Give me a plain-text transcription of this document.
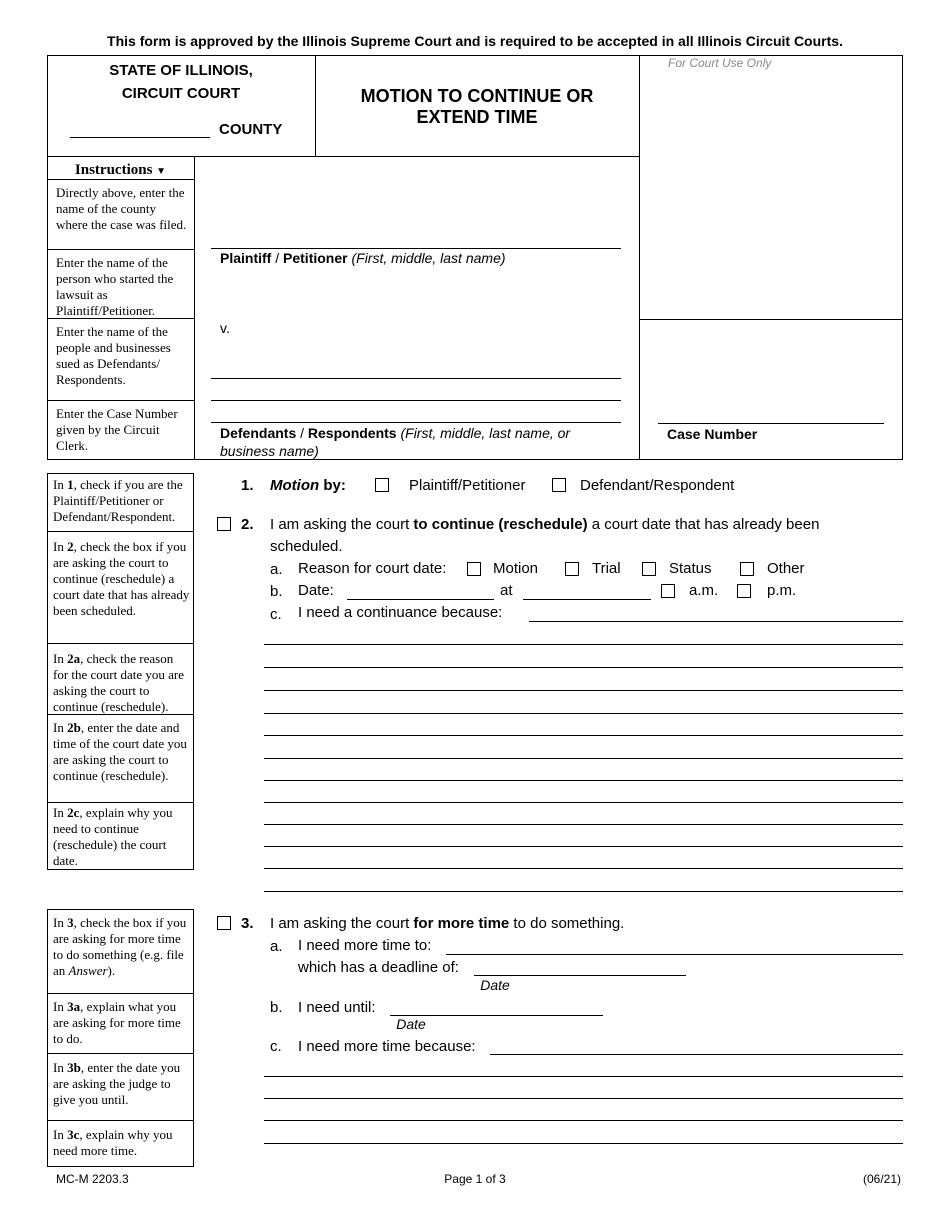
This form is approved by the Illinois Supreme Court and is required to be accepted in all Illinois Circuit Courts.
STATE OF ILLINOIS,
CIRCUIT COURT
COUNTY
MOTION TO CONTINUE OR
EXTEND TIME
For Court Use Only
Instructions ▼
Directly above, enter the name of the county where the case was filed.
Enter the name of the person who started the lawsuit as Plaintiff/Petitioner.
Enter the name of the people and businesses sued as Defendants/ Respondents.
Enter the Case Number given by the Circuit Clerk.
Plaintiff / Petitioner (First, middle, last name)
v.
Defendants / Respondents (First, middle, last name, or
business name)
Case Number
In 1, check if you are the Plaintiff/Petitioner or Defendant/Respondent.
In 2, check the box if you are asking the court to continue (reschedule) a court date that has already been scheduled.
In 2a, check the reason for the court date you are asking the court to continue (reschedule).
In 2b, enter the date and time of the court date you are asking the court to continue (reschedule).
In 2c, explain why you need to continue (reschedule) the court date.
In 3, check the box if you are asking for more time to do something (e.g. file an Answer).
In 3a, explain what you are asking for more time to do.
In 3b, enter the date you are asking the judge to give you until.
In 3c, explain why you need more time.
1. Motion by:	Plaintiff/Petitioner	Defendant/Respondent
2. I am asking the court to continue (reschedule) a court date that has already been
scheduled.
a. Reason for court date:	Motion	Trial	Status	Other
b. Date:	at	a.m.	p.m.
c. I need a continuance because:
3. I am asking the court for more time to do something.
a. I need more time to:
which has a deadline of:
Date
b. I need until:
Date
c. I need more time because:
MC-M 2203.3	Page 1 of 3	(06/21)
